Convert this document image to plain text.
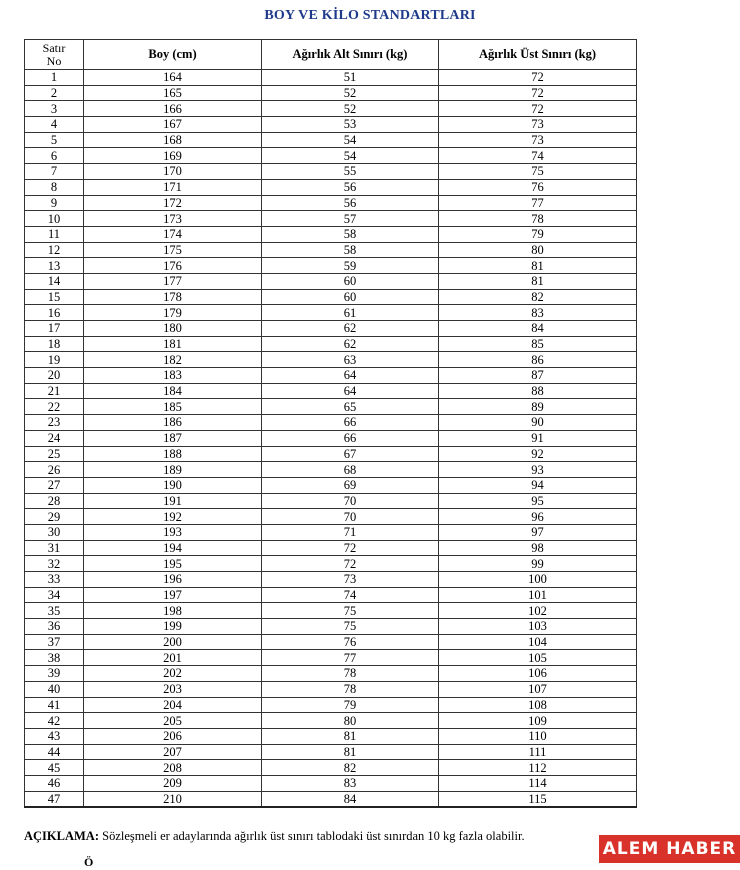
BOY VE KİLO STANDARTLARI
Satır
No	Boy (cm)	Ağırlık Alt Sınırı (kg)	Ağırlık Üst Sınırı (kg)
1	164	51	72
2	165	52	72
3	166	52	72
4	167	53	73
5	168	54	73
6	169	54	74
7	170	55	75
8	171	56	76
9	172	56	77
10	173	57	78
11	174	58	79
12	175	58	80
13	176	59	81
14	177	60	81
15	178	60	82
16	179	61	83
17	180	62	84
18	181	62	85
19	182	63	86
20	183	64	87
21	184	64	88
22	185	65	89
23	186	66	90
24	187	66	91
25	188	67	92
26	189	68	93
27	190	69	94
28	191	70	95
29	192	70	96
30	193	71	97
31	194	72	98
32	195	72	99
33	196	73	100
34	197	74	101
35	198	75	102
36	199	75	103
37	200	76	104
38	201	77	105
39	202	78	106
40	203	78	107
41	204	79	108
42	205	80	109
43	206	81	110
44	207	81	111
45	208	82	112
46	209	83	114
47	210	84	115
AÇIKLAMA: Sözleşmeli er adaylarında ağırlık üst sınırı tablodaki üst sınırdan 10 kg fazla olabilir.
Ö
ALEM HABER
